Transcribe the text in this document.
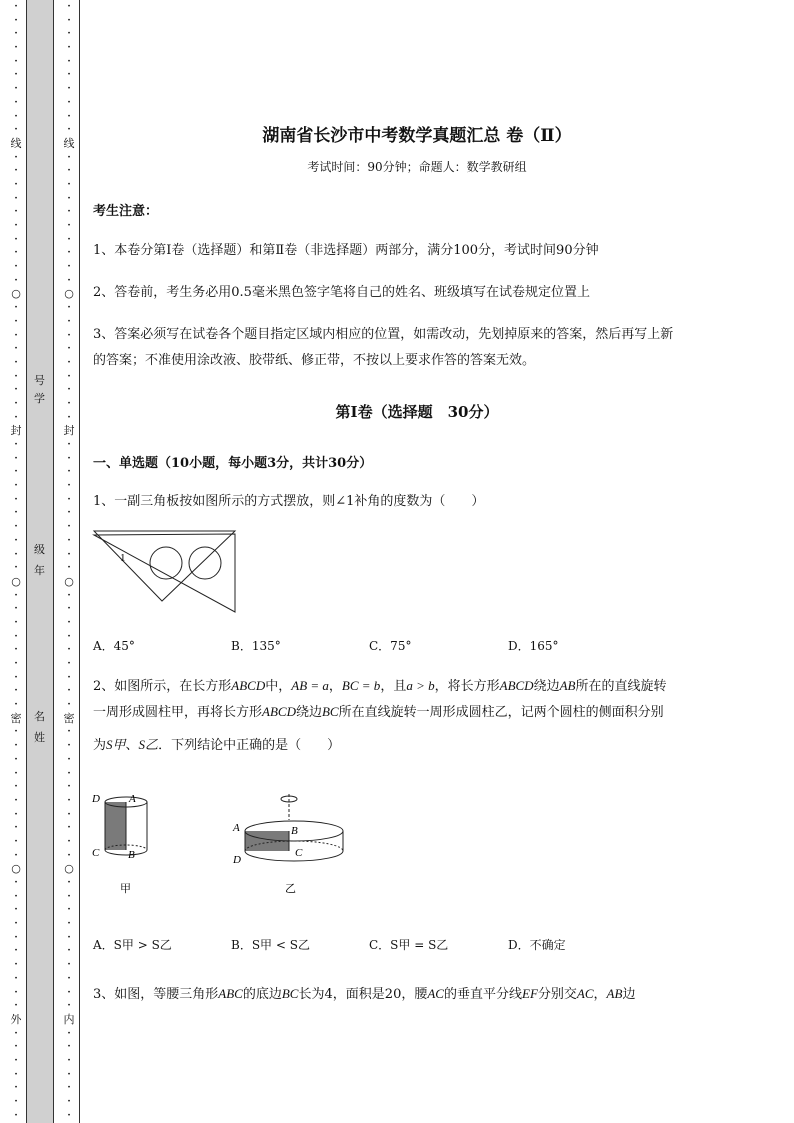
•
•
•
•
•
•
•
•
•
•
线
•
•
•
•
•
•
•
•
•
•
○
•
•
•
•
•
•
•
•
•
封
•
•
•
•
•
•
•
•
•
•
○
•
•
•
•
•
•
•
•
•
密
•
•
•
•
•
•
•
•
•
•
○
•
•
•
•
•
•
•
•
•
•
外
•
•
•
•
•
•
•
号
学
级
年
名
姓
•
•
•
•
•
•
•
•
•
•
线
•
•
•
•
•
•
•
•
•
•
○
•
•
•
•
•
•
•
•
•
封
•
•
•
•
•
•
•
•
•
•
○
•
•
•
•
•
•
•
•
•
密
•
•
•
•
•
•
•
•
•
•
○
•
•
•
•
•
•
•
•
•
•
内
•
•
•
•
•
•
•
湖南省长沙市中考数学真题汇总 卷（Ⅱ）
考试时间：90分钟；命题人：数学教研组
考生注意：
1、本卷分第Ⅰ卷（选择题）和第Ⅱ卷（非选择题）两部分，满分100分，考试时间90分钟
2、答卷前，考生务必用0.5毫米黑色签字笔将自己的姓名、班级填写在试卷规定位置上
3、答案必须写在试卷各个题目指定区域内相应的位置，如需改动，先划掉原来的答案，然后再写上新
的答案；不准使用涂改液、胶带纸、修正带，不按以上要求作答的答案无效。
第Ⅰ卷（选择题　30分）
一、单选题（10小题，每小题3分，共计30分）
1、一副三角板按如图所示的方式摆放，则∠1补角的度数为（　　）
1
A．45°	B．135°	C．75°	D．165°
2、如图所示，在长方形ABCD中，AB = a，BC = b，且a > b，将长方形ABCD绕边AB所在的直线旋转
一周形成圆柱甲，再将长方形ABCD绕边BC所在直线旋转一周形成圆柱乙，记两个圆柱的侧面积分别
为S甲、S乙．下列结论中正确的是（　　）
D	A
C	B
甲
A	B
D
C
乙
A．S甲 > S乙	B．S甲 < S乙	C．S甲 = S乙	D．不确定
3、如图，等腰三角形ABC的底边BC长为4，面积是20，腰AC的垂直平分线EF分别交AC，AB边
